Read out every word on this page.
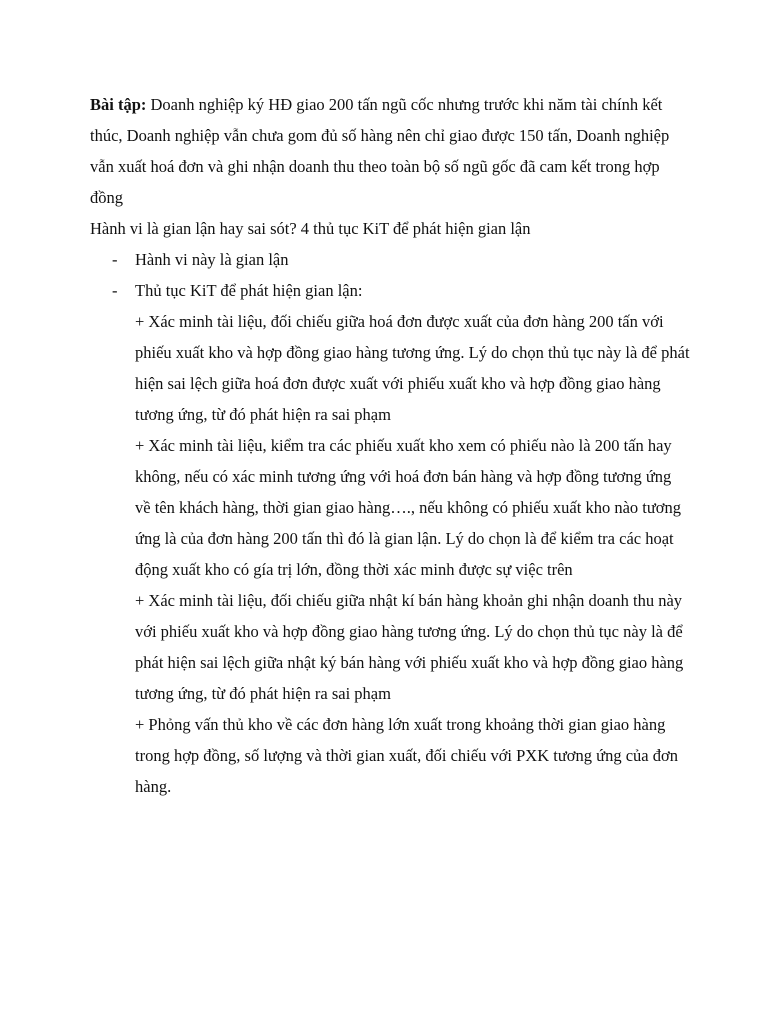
Bài tập: Doanh nghiệp ký HĐ giao 200 tấn ngũ cốc nhưng trước khi năm tài chính kết thúc, Doanh nghiệp vẫn chưa gom đủ số hàng nên chỉ giao được 150 tấn, Doanh nghiệp vẫn xuất hoá đơn và ghi nhận doanh thu theo toàn bộ số ngũ gốc đã cam kết trong hợp đồng

Hành vi là gian lận hay sai sót? 4 thủ tục KiT để phát hiện gian lận

- Hành vi này là gian lận
- Thủ tục KiT để phát hiện gian lận:

+ Xác minh tài liệu, đối chiếu giữa hoá đơn được xuất của đơn hàng 200 tấn với phiếu xuất kho và hợp đồng giao hàng tương ứng. Lý do chọn thủ tục này là để phát hiện sai lệch giữa hoá đơn được xuất với phiếu xuất kho và hợp đồng giao hàng tương ứng, từ đó phát hiện ra sai phạm

+ Xác minh tài liệu, kiểm tra các phiếu xuất kho xem có phiếu nào là 200 tấn hay không, nếu có xác minh tương ứng với hoá đơn bán hàng và hợp đồng tương ứng về tên khách hàng, thời gian giao hàng…., nếu không có phiếu xuất kho nào tương ứng là của đơn hàng 200 tấn thì đó là gian lận. Lý do chọn là để kiểm tra các hoạt động xuất kho có gía trị lớn, đồng thời xác minh được sự việc trên

+ Xác minh tài liệu, đối chiếu giữa nhật kí bán hàng khoản ghi nhận doanh thu này với phiếu xuất kho và hợp đồng giao hàng tương ứng. Lý do chọn thủ tục này là để phát hiện sai lệch giữa nhật ký bán hàng với phiếu xuất kho và hợp đồng giao hàng tương ứng, từ đó phát hiện ra sai phạm

+ Phỏng vấn thủ kho về các đơn hàng lớn xuất trong khoảng thời gian giao hàng trong hợp đồng, số lượng và thời gian xuất, đối chiếu với PXK tương ứng của đơn hàng.
